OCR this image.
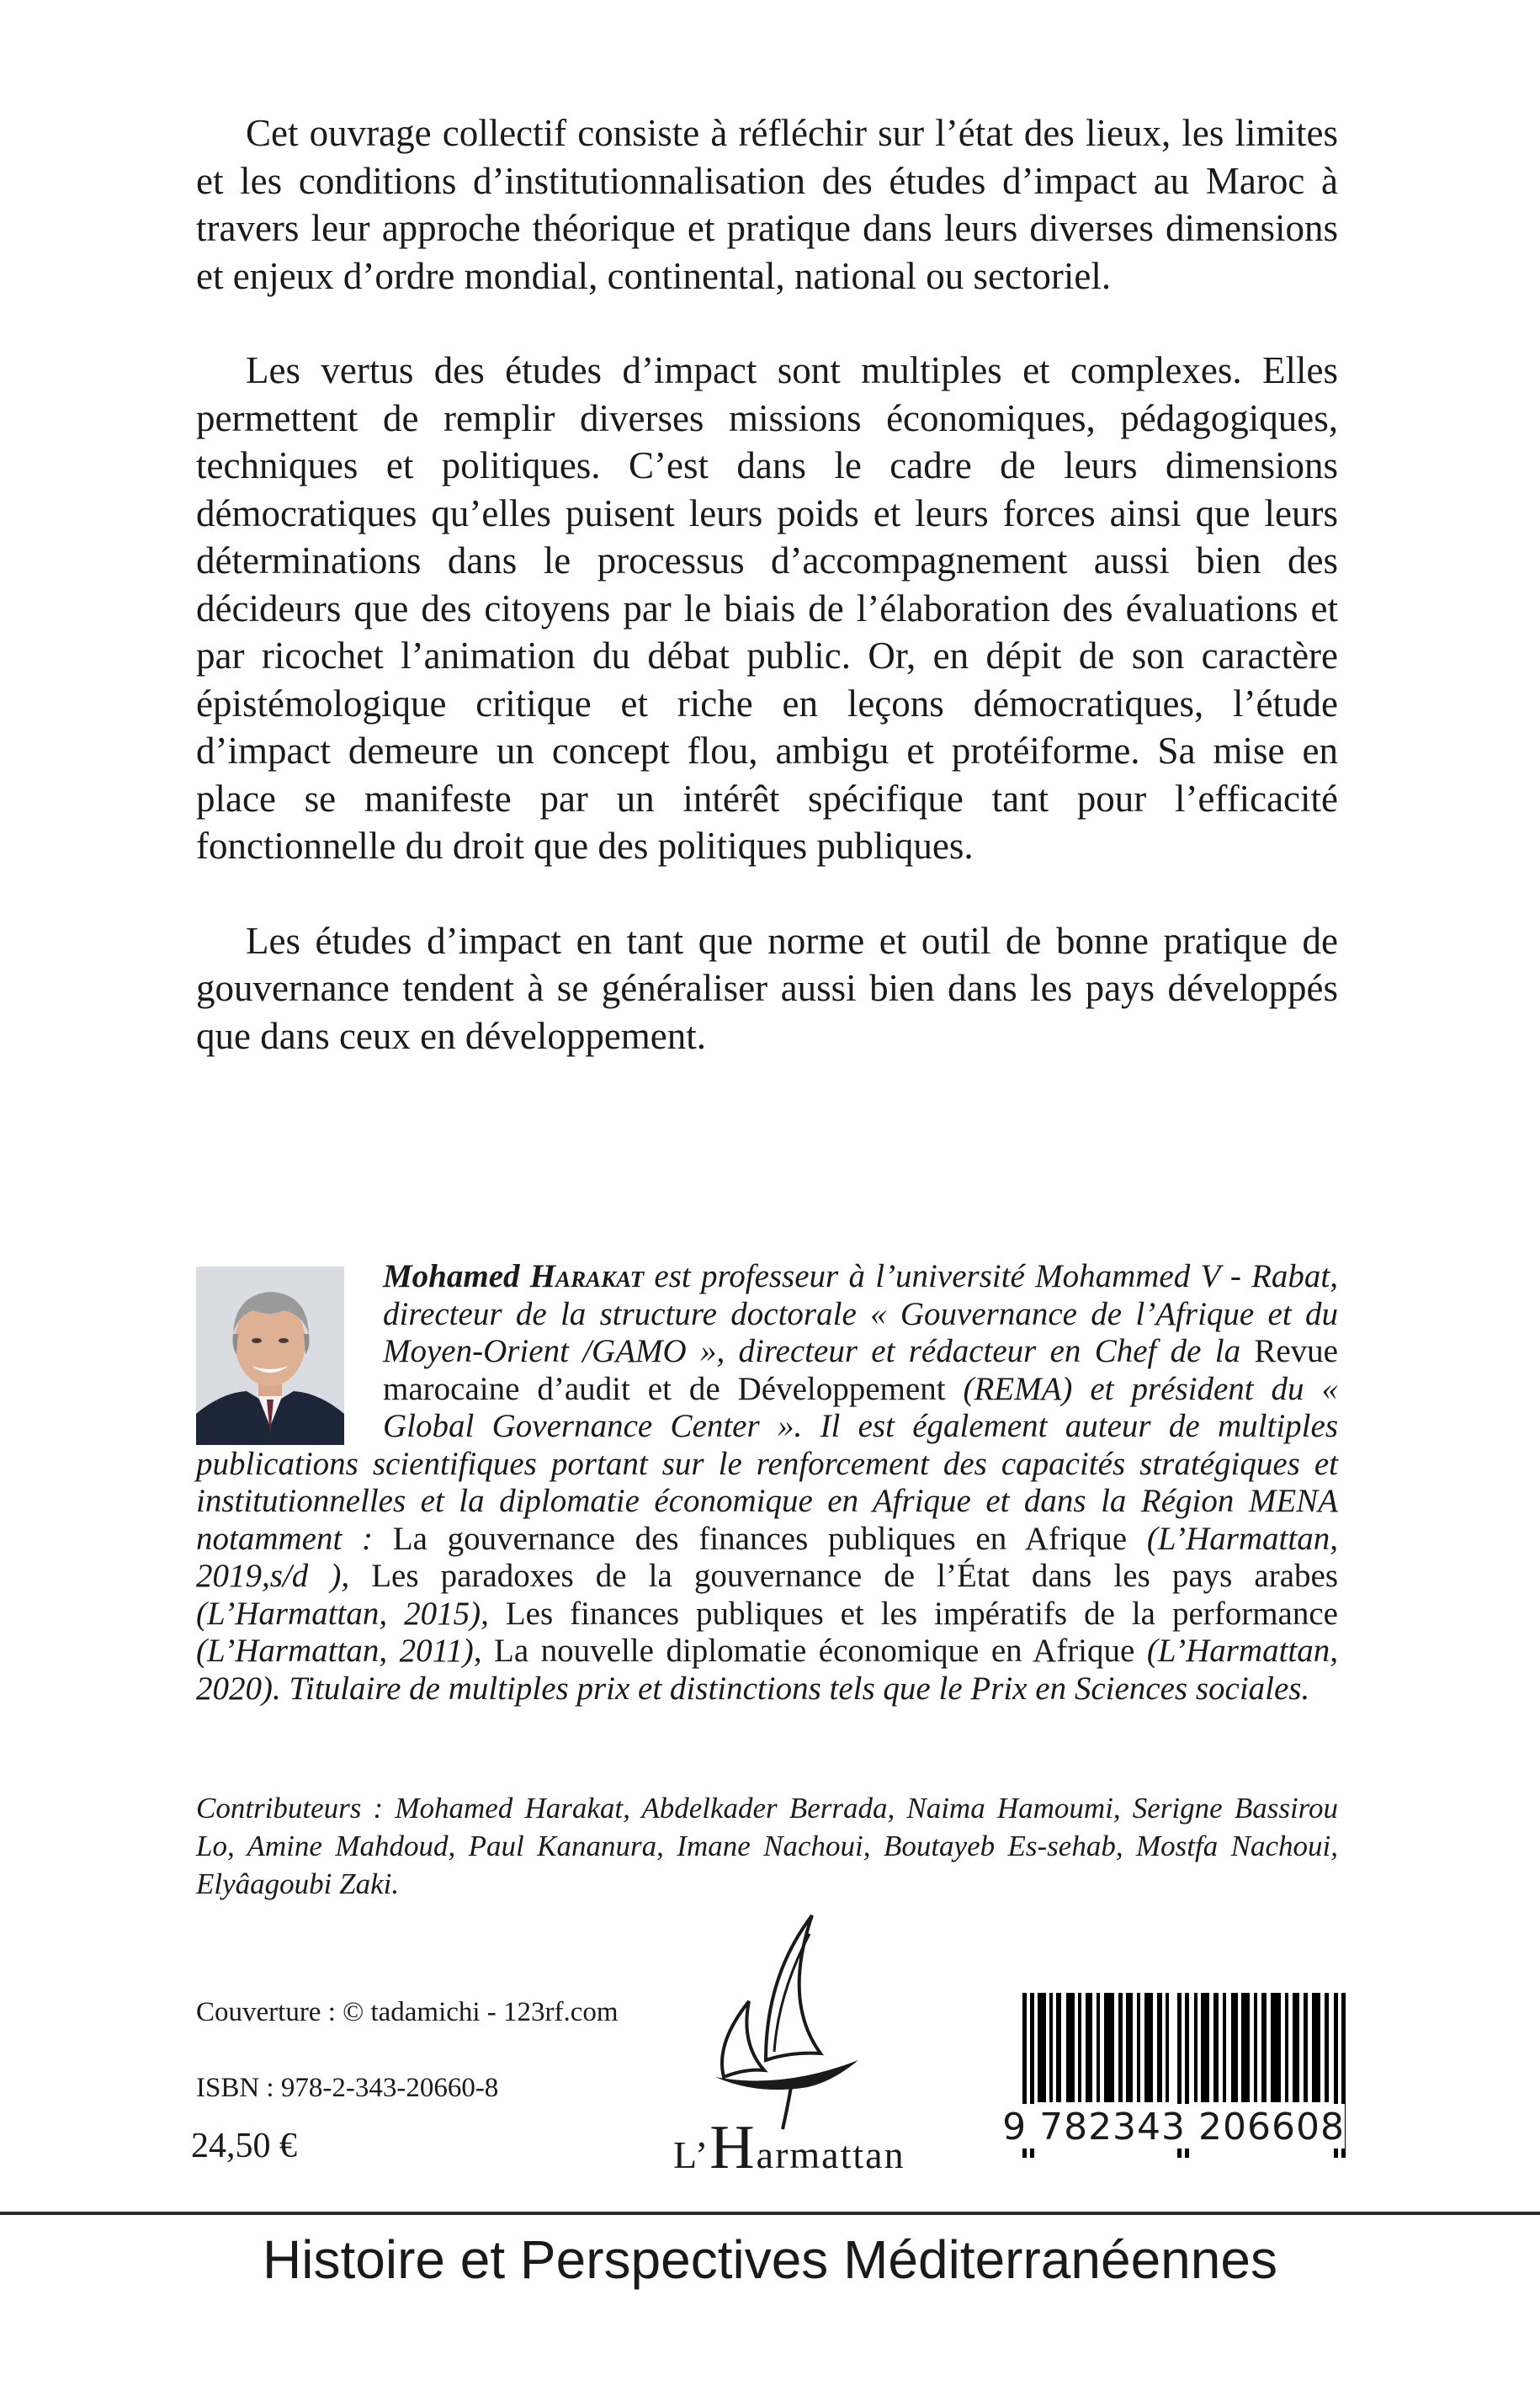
Cet ouvrage collectif consiste à réfléchir sur l’état des lieux, les limites et les conditions d’institutionnalisation des études d’impact au Maroc à travers leur approche théorique et pratique dans leurs diverses dimensions et enjeux d’ordre mondial, continental, national ou sectoriel.

Les vertus des études d’impact sont multiples et complexes. Elles permettent de remplir diverses missions économiques, pédagogiques, techniques et politiques. C’est dans le cadre de leurs dimensions démocratiques qu’elles puisent leurs poids et leurs forces ainsi que leurs déterminations dans le processus d’accompagnement aussi bien des décideurs que des citoyens par le biais de l’élaboration des évaluations et par ricochet l’animation du débat public. Or, en dépit de son caractère épistémologique critique et riche en leçons démocratiques, l’étude d’impact demeure un concept flou, ambigu et protéiforme. Sa mise en place se manifeste par un intérêt spécifique tant pour l’efficacité fonctionnelle du droit que des politiques publiques.

Les études d’impact en tant que norme et outil de bonne pratique de gouvernance tendent à se généraliser aussi bien dans les pays développés que dans ceux en développement.

Mohamed Harakat est professeur à l’université Mohammed V - Rabat, directeur de la structure doctorale « Gouvernance de l’Afrique et du Moyen-Orient /GAMO », directeur et rédacteur en Chef de la Revue marocaine d’audit et de Développement (REMA) et président du « Global Governance Center ». Il est également auteur de multiples publications scientifiques portant sur le renforcement des capacités stratégiques et institutionnelles et la diplomatie économique en Afrique et dans la Région MENA notamment : La gouvernance des finances publiques en Afrique (L’Harmattan, 2019,s/d ), Les paradoxes de la gouvernance de l’État dans les pays arabes (L’Harmattan, 2015), Les finances publiques et les impératifs de la performance (L’Harmattan, 2011), La nouvelle diplomatie économique en Afrique (L’Harmattan, 2020). Titulaire de multiples prix et distinctions tels que le Prix en Sciences sociales.
Contributeurs : Mohamed Harakat, Abdelkader Berrada, Naima Hamoumi, Serigne Bassirou Lo, Amine Mahdoud, Paul Kananura, Imane Nachoui, Boutayeb Es-sehab, Mostfa Nachoui, Elyâagoubi Zaki.
Couverture : © tadamichi - 123rf.com
ISBN : 978-2-343-20660-8
24,50 €	L’Harmattan
9 782343 206608
Histoire et Perspectives Méditerranéennes
